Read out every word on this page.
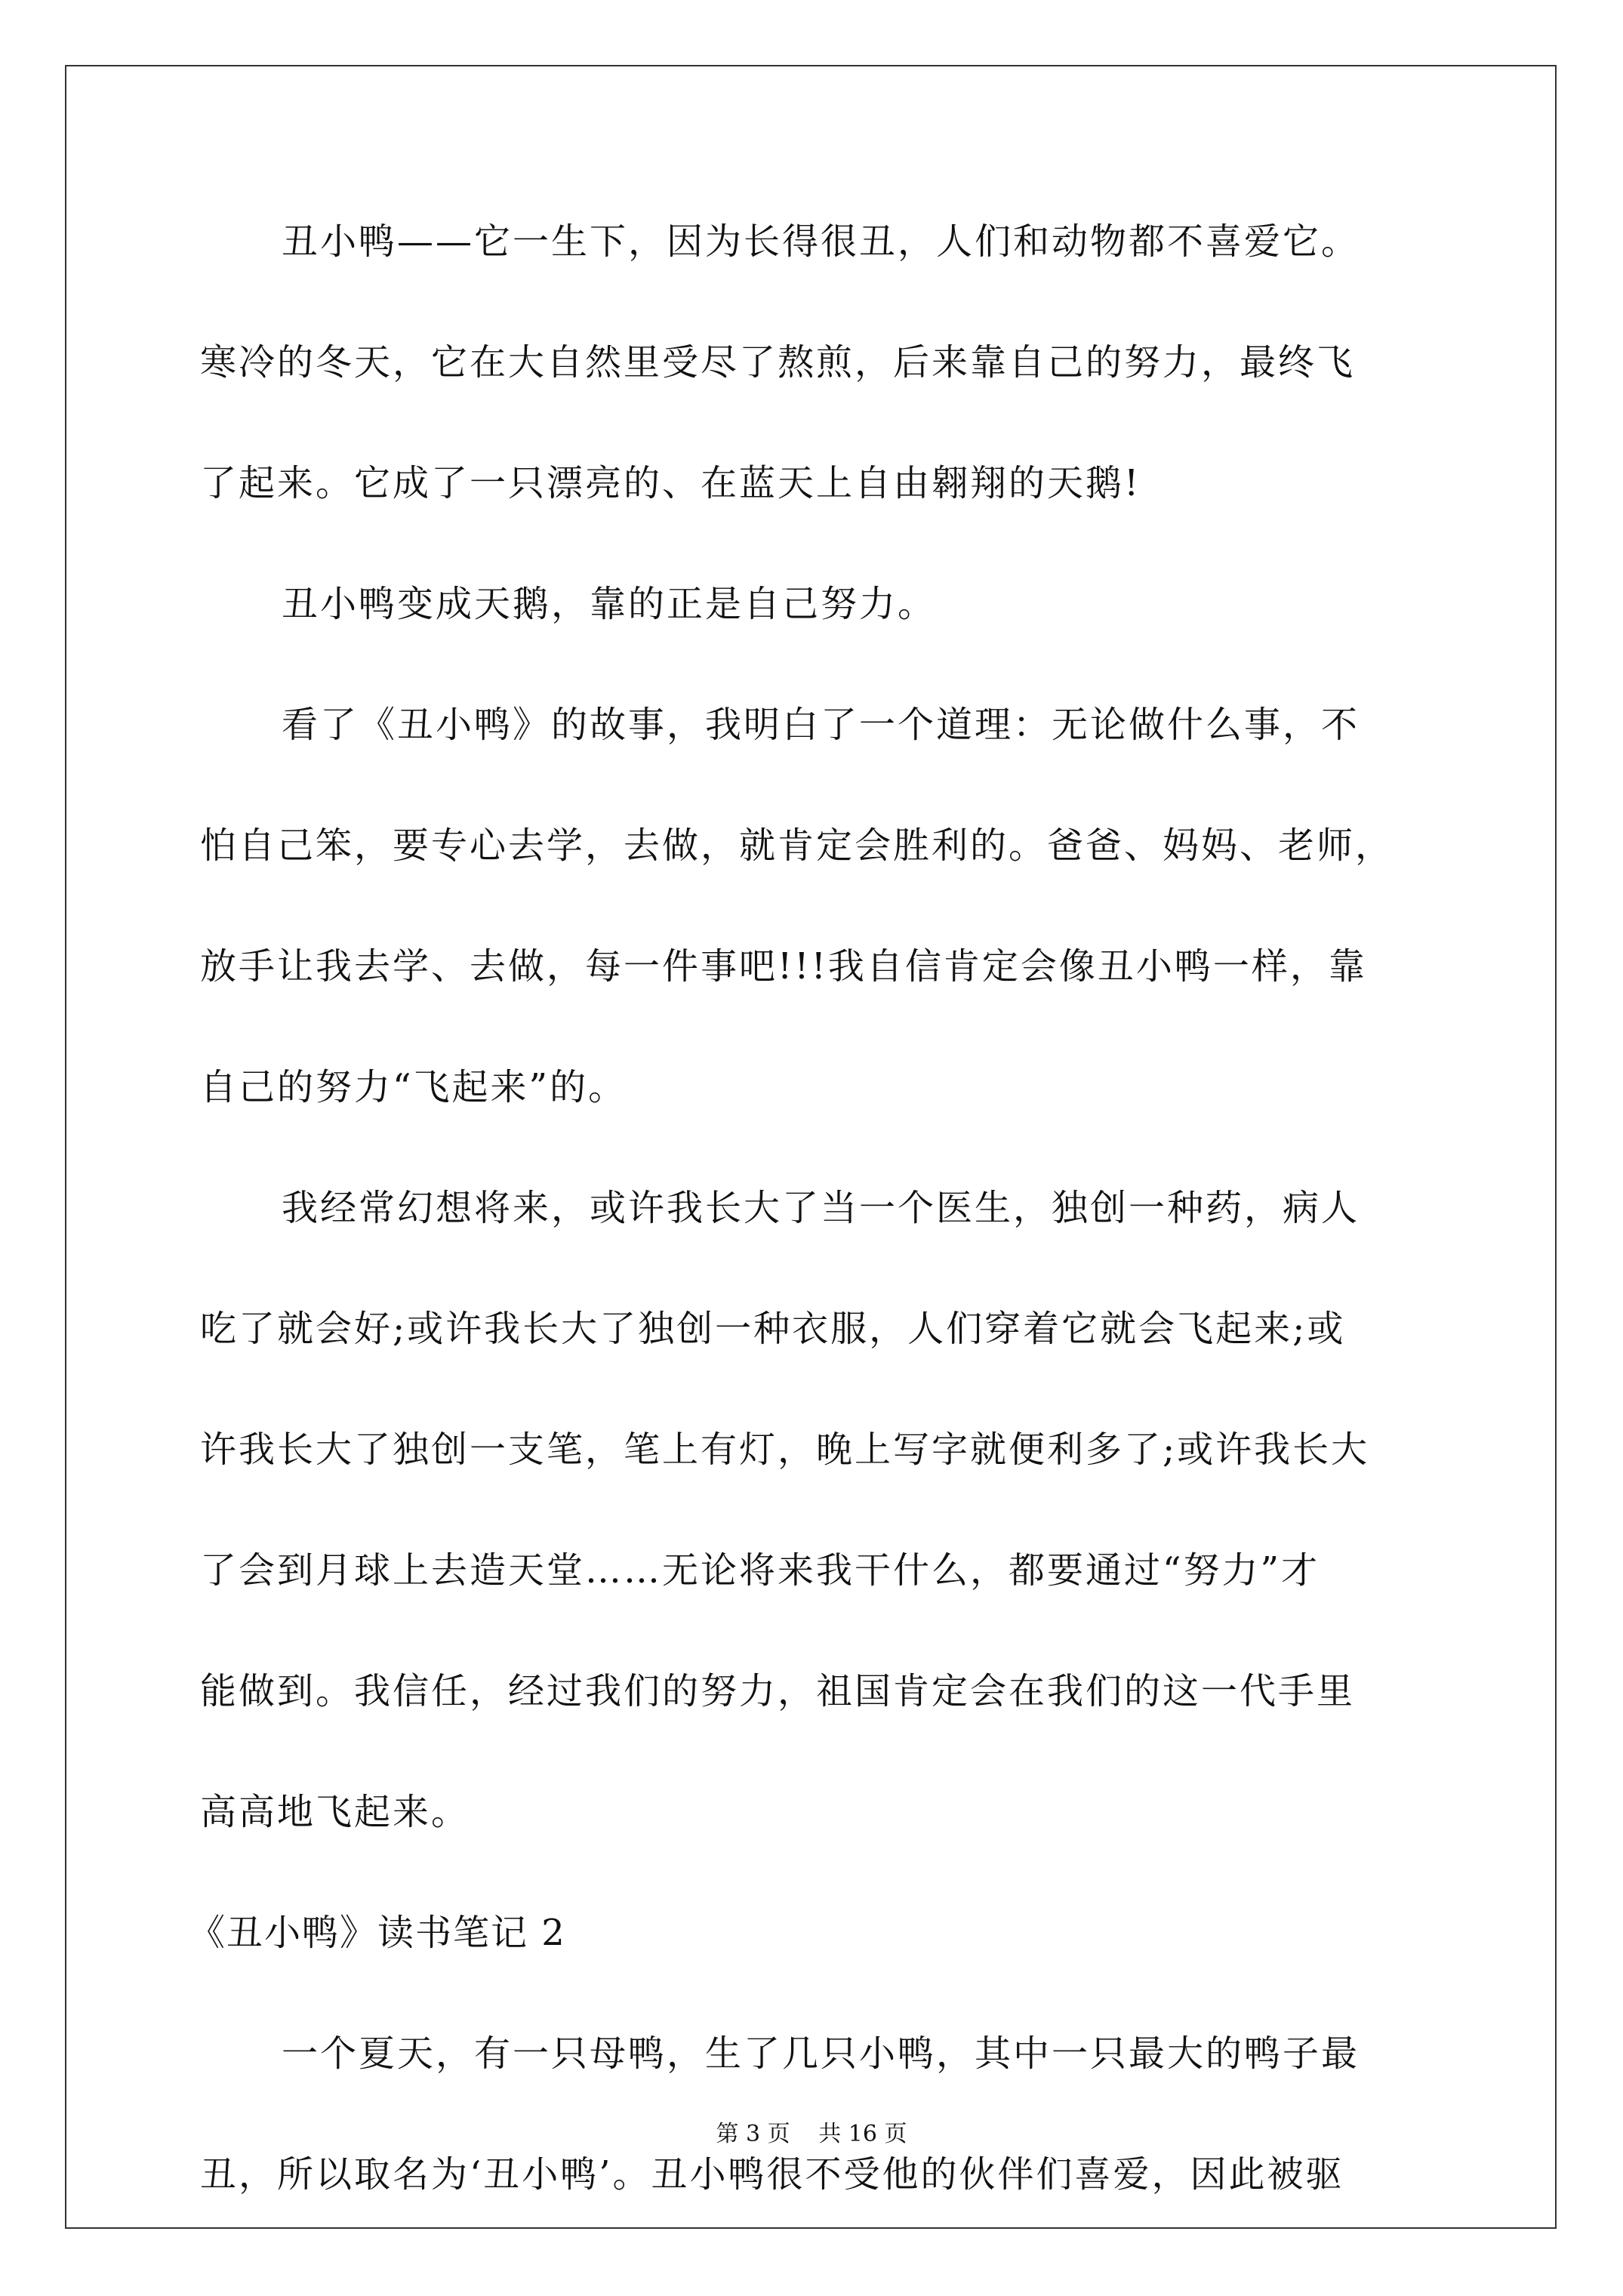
丑小鸭——它一生下，因为长得很丑，人们和动物都不喜爱它。
寒冷的冬天，它在大自然里受尽了熬煎，后来靠自己的努力，最终飞
了起来。它成了一只漂亮的、在蓝天上自由翱翔的天鹅!
丑小鸭变成天鹅，靠的正是自己努力。
看了《丑小鸭》的故事，我明白了一个道理：无论做什么事，不
怕自己笨，要专心去学，去做，就肯定会胜利的。爸爸、妈妈、老师，
放手让我去学、去做，每一件事吧!!!我自信肯定会像丑小鸭一样，靠
自己的努力“飞起来”的。
我经常幻想将来，或许我长大了当一个医生，独创一种药，病人
吃了就会好;或许我长大了独创一种衣服，人们穿着它就会飞起来;或
许我长大了独创一支笔，笔上有灯，晚上写字就便利多了;或许我长大
了会到月球上去造天堂……无论将来我干什么，都要通过“努力”才
能做到。我信任，经过我们的努力，祖国肯定会在我们的这一代手里
高高地飞起来。
《丑小鸭》读书笔记 2
一个夏天，有一只母鸭，生了几只小鸭，其中一只最大的鸭子最
丑，所以取名为‘丑小鸭’。丑小鸭很不受他的伙伴们喜爱，因此被驱
第 3 页 共 16 页
